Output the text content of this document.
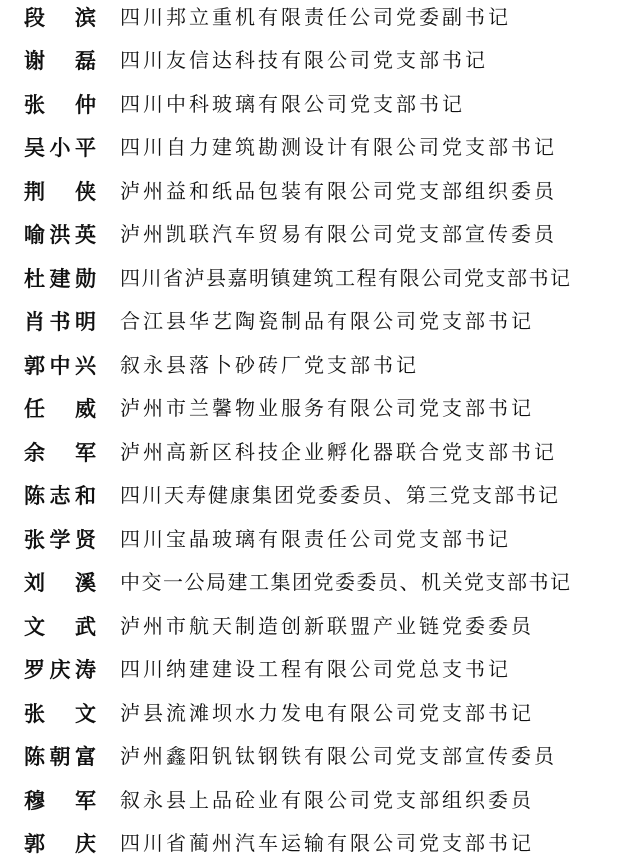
段　滨 四川邦立重机有限责任公司党委副书记
谢　磊 四川友信达科技有限公司党支部书记
张　仲 四川中科玻璃有限公司党支部书记
吴小平 四川自力建筑勘测设计有限公司党支部书记
荆　侠 泸州益和纸品包装有限公司党支部组织委员
喻洪英 泸州凯联汽车贸易有限公司党支部宣传委员
杜建勋 四川省泸县嘉明镇建筑工程有限公司党支部书记
肖书明 合江县华艺陶瓷制品有限公司党支部书记
郭中兴 叙永县落卜砂砖厂党支部书记
任　威 泸州市兰馨物业服务有限公司党支部书记
余　军 泸州高新区科技企业孵化器联合党支部书记
陈志和 四川天寿健康集团党委委员、第三党支部书记
张学贤 四川宝晶玻璃有限责任公司党支部书记
刘　溪 中交一公局建工集团党委委员、机关党支部书记
文　武 泸州市航天制造创新联盟产业链党委委员
罗庆涛 四川纳建建设工程有限公司党总支书记
张　文 泸县流滩坝水力发电有限公司党支部书记
陈朝富 泸州鑫阳钒钛钢铁有限公司党支部宣传委员
穆　军 叙永县上品砼业有限公司党支部组织委员
郭　庆 四川省蔺州汽车运输有限公司党支部书记
